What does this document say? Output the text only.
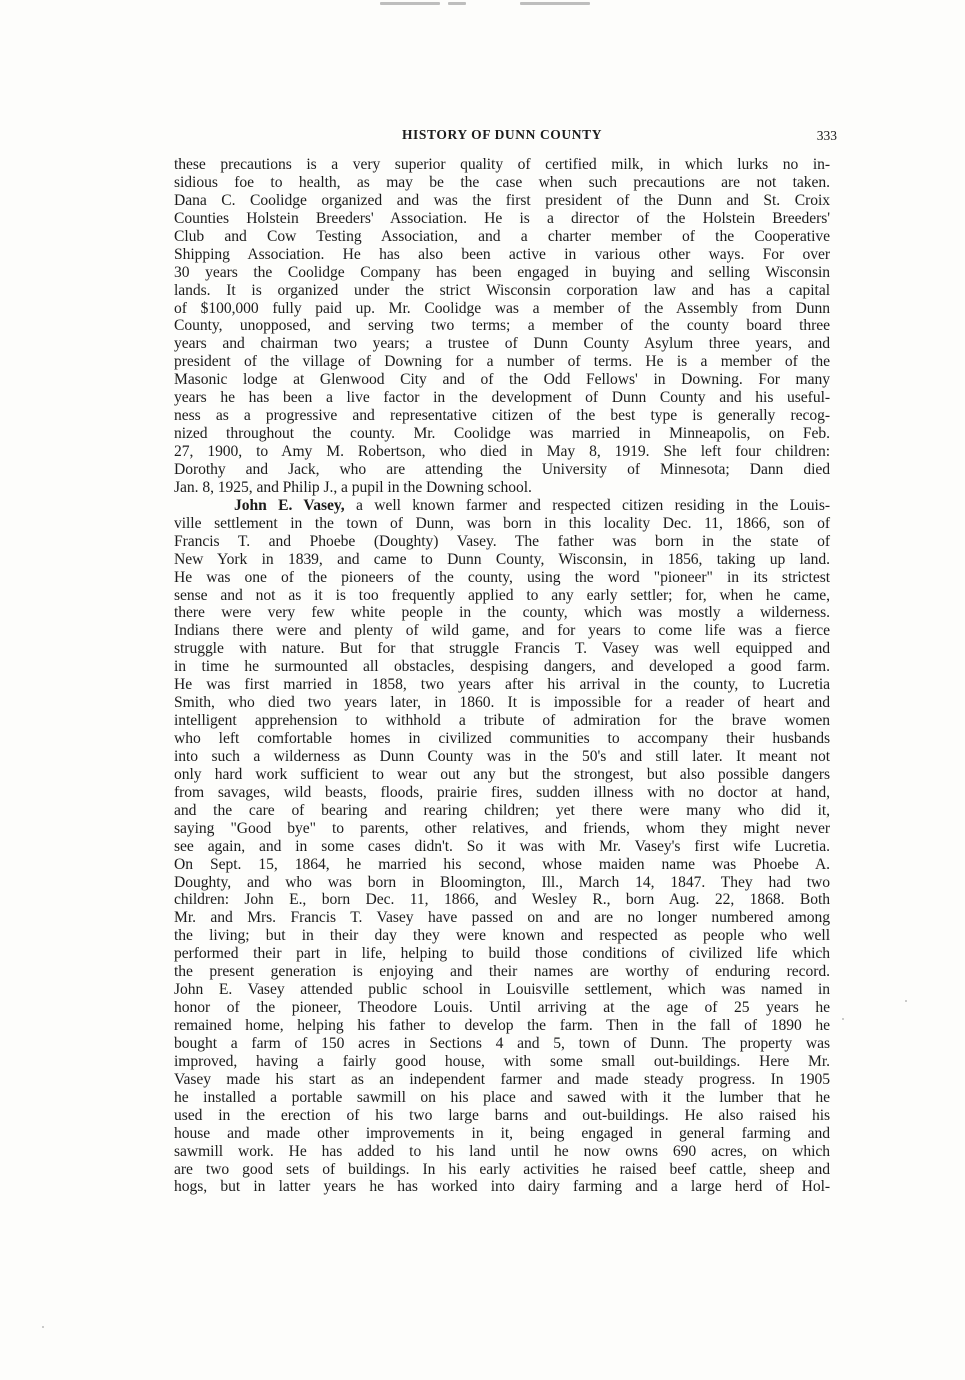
HISTORY OF DUNN COUNTY	333
these precautions is a very superior quality of certified milk, in which lurks no in-
sidious foe to health, as may be the case when such precautions are not taken.
Dana C. Coolidge organized and was the first president of the Dunn and St. Croix
Counties Holstein Breeders' Association. He is a director of the Holstein Breeders'
Club and Cow Testing Association, and a charter member of the Cooperative
Shipping Association. He has also been active in various other ways. For over
30 years the Coolidge Company has been engaged in buying and selling Wisconsin
lands. It is organized under the strict Wisconsin corporation law and has a capital
of $100,000 fully paid up. Mr. Coolidge was a member of the Assembly from Dunn
County, unopposed, and serving two terms; a member of the county board three
years and chairman two years; a trustee of Dunn County Asylum three years, and
president of the village of Downing for a number of terms. He is a member of the
Masonic lodge at Glenwood City and of the Odd Fellows' in Downing. For many
years he has been a live factor in the development of Dunn County and his useful-
ness as a progressive and representative citizen of the best type is generally recog-
nized throughout the county. Mr. Coolidge was married in Minneapolis, on Feb.
27, 1900, to Amy M. Robertson, who died in May 8, 1919. She left four children:
Dorothy and Jack, who are attending the University of Minnesota; Dann died
Jan. 8, 1925, and Philip J., a pupil in the Downing school.
John E. Vasey, a well known farmer and respected citizen residing in the Louis-
ville settlement in the town of Dunn, was born in this locality Dec. 11, 1866, son of
Francis T. and Phoebe (Doughty) Vasey. The father was born in the state of
New York in 1839, and came to Dunn County, Wisconsin, in 1856, taking up land.
He was one of the pioneers of the county, using the word "pioneer" in its strictest
sense and not as it is too frequently applied to any early settler; for, when he came,
there were very few white people in the county, which was mostly a wilderness.
Indians there were and plenty of wild game, and for years to come life was a fierce
struggle with nature. But for that struggle Francis T. Vasey was well equipped and
in time he surmounted all obstacles, despising dangers, and developed a good farm.
He was first married in 1858, two years after his arrival in the county, to Lucretia
Smith, who died two years later, in 1860. It is impossible for a reader of heart and
intelligent apprehension to withhold a tribute of admiration for the brave women
who left comfortable homes in civilized communities to accompany their husbands
into such a wilderness as Dunn County was in the 50's and still later. It meant not
only hard work sufficient to wear out any but the strongest, but also possible dangers
from savages, wild beasts, floods, prairie fires, sudden illness with no doctor at hand,
and the care of bearing and rearing children; yet there were many who did it,
saying "Good bye" to parents, other relatives, and friends, whom they might never
see again, and in some cases didn't. So it was with Mr. Vasey's first wife Lucretia.
On Sept. 15, 1864, he married his second, whose maiden name was Phoebe A.
Doughty, and who was born in Bloomington, Ill., March 14, 1847. They had two
children: John E., born Dec. 11, 1866, and Wesley R., born Aug. 22, 1868. Both
Mr. and Mrs. Francis T. Vasey have passed on and are no longer numbered among
the living; but in their day they were known and respected as people who well
performed their part in life, helping to build those conditions of civilized life which
the present generation is enjoying and their names are worthy of enduring record.
John E. Vasey attended public school in Louisville settlement, which was named in
honor of the pioneer, Theodore Louis. Until arriving at the age of 25 years he
remained home, helping his father to develop the farm. Then in the fall of 1890 he
bought a farm of 150 acres in Sections 4 and 5, town of Dunn. The property was
improved, having a fairly good house, with some small out-buildings. Here Mr.
Vasey made his start as an independent farmer and made steady progress. In 1905
he installed a portable sawmill on his place and sawed with it the lumber that he
used in the erection of his two large barns and out-buildings. He also raised his
house and made other improvements in it, being engaged in general farming and
sawmill work. He has added to his land until he now owns 690 acres, on which
are two good sets of buildings. In his early activities he raised beef cattle, sheep and
hogs, but in latter years he has worked into dairy farming and a large herd of Hol-
